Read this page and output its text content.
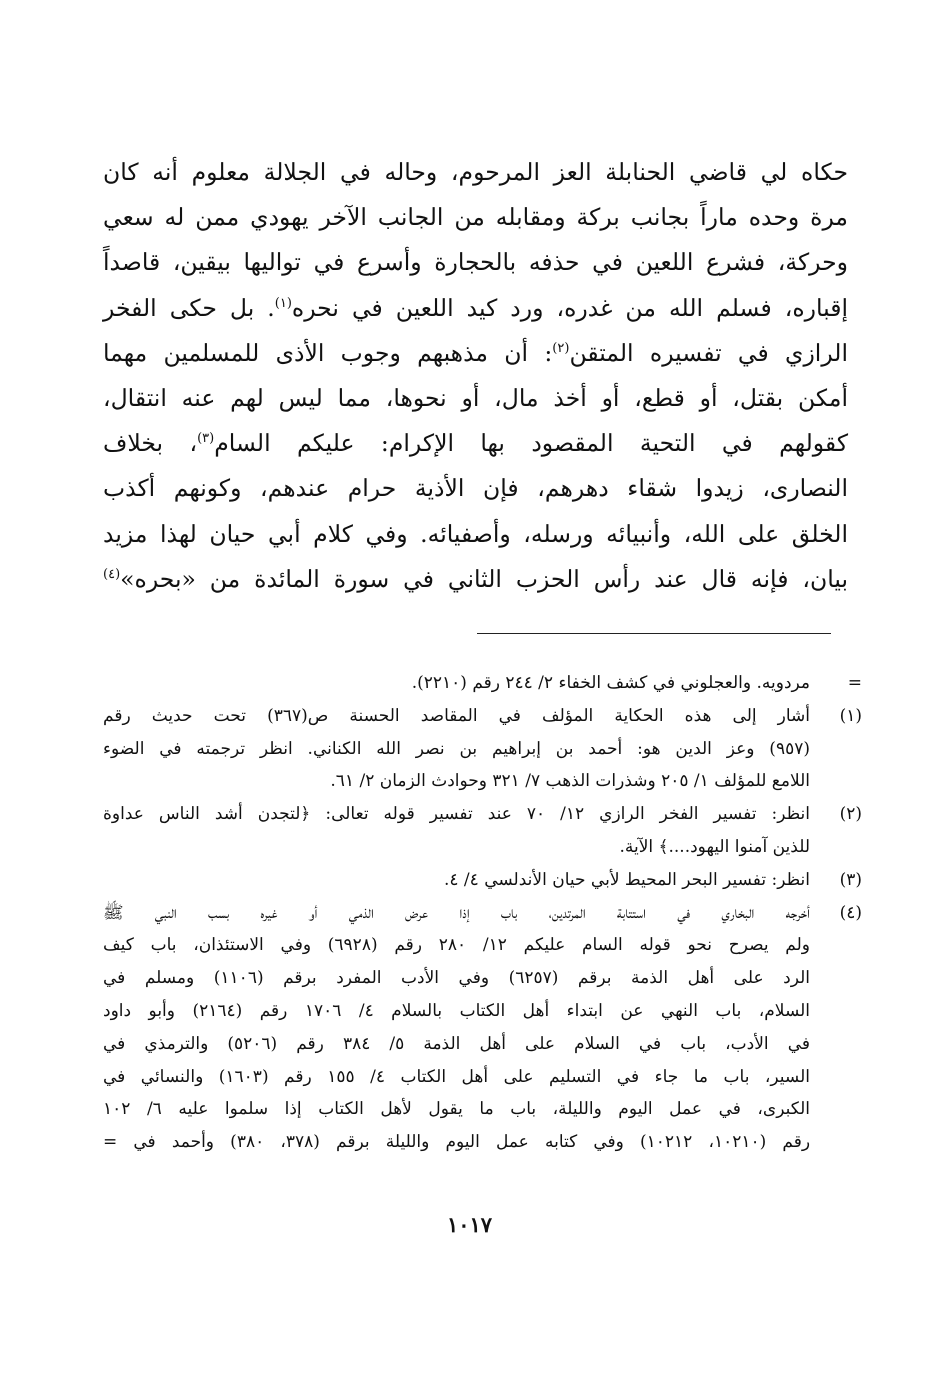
حكاه لي قاضي الحنابلة العز المرحوم، وحاله في الجلالة معلوم أنه كان
مرة وحده ماراً بجانب بركة ومقابله من الجانب الآخر يهودي ممن له سعي
وحركة، فشرع اللعين في حذفه بالحجارة وأسرع في تواليها بيقين، قاصداً
إقباره، فسلم الله من غدره، ورد كيد اللعين في نحره$^{(١)}$. بل حكى الفخر
الرازي في تفسيره المتقن$^{(٢)}$: أن مذهبهم وجوب الأذى للمسلمين مهما
أمكن بقتل، أو قطع، أو أخذ مال، أو نحوها، مما ليس لهم عنه انتقال،
كقولهم في التحية المقصود بها الإكرام: عليكم السام$^{(٣)}$، بخلاف
النصارى، زيدوا شقاء دهرهم، فإن الأذية حرام عندهم، وكونهم أكذب
الخلق على الله، وأنبيائه ورسله، وأصفيائه. وفي كلام أبي حيان لهذا مزيد
بيان، فإنه قال عند رأس الحزب الثاني في سورة المائدة من «بحره»$^{(٤)}$
=
مردويه. والعجلوني في كشف الخفاء ٢/ ٢٤٤ رقم (٢٢١٠).
(١)
أشار إلى هذه الحكاية المؤلف في المقاصد الحسنة ص(٣٦٧) تحت حديث رقم
(٩٥٧) وعز الدين هو: أحمد بن إبراهيم بن نصر الله الكناني. انظر ترجمته في الضوء
اللامع للمؤلف ١/ ٢٠٥ وشذرات الذهب ٧/ ٣٢١ وحوادث الزمان ٢/ ٦١.
(٢)
انظر: تفسير الفخر الرازي ١٢/ ٧٠ عند تفسير قوله تعالى: ﴿لتجدن أشد الناس عداوة
للذين آمنوا اليهود....﴾ الآية.
(٣)
انظر: تفسير البحر المحيط لأبي حيان الأندلسي ٤/ ٤.
(٤)
أخرجه البخاري في استتابة المرتدين، باب إذا عرض الذمي أو غيره بسب النبي ﷺ
ولم يصرح نحو قوله السام عليكم ١٢/ ٢٨٠ رقم (٦٩٢٨) وفي الاستئذان، باب كيف
الرد على أهل الذمة برقم (٦٢٥٧) وفي الأدب المفرد برقم (١١٠٦) ومسلم في
السلام، باب النهي عن ابتداء أهل الكتاب بالسلام ٤/ ١٧٠٦ رقم (٢١٦٤) وأبو داود
في الأدب، باب في السلام على أهل الذمة ٥/ ٣٨٤ رقم (٥٢٠٦) والترمذي في
السير، باب ما جاء في التسليم على أهل الكتاب ٤/ ١٥٥ رقم (١٦٠٣) والنسائي في
الكبرى، في عمل اليوم والليلة، باب ما يقول لأهل الكتاب إذا سلموا عليه ٦/ ١٠٢
رقم (١٠٢١٠، ١٠٢١٢) وفي كتابه عمل اليوم والليلة برقم (٣٧٨، ٣٨٠) وأحمد في =
١٠١٧
